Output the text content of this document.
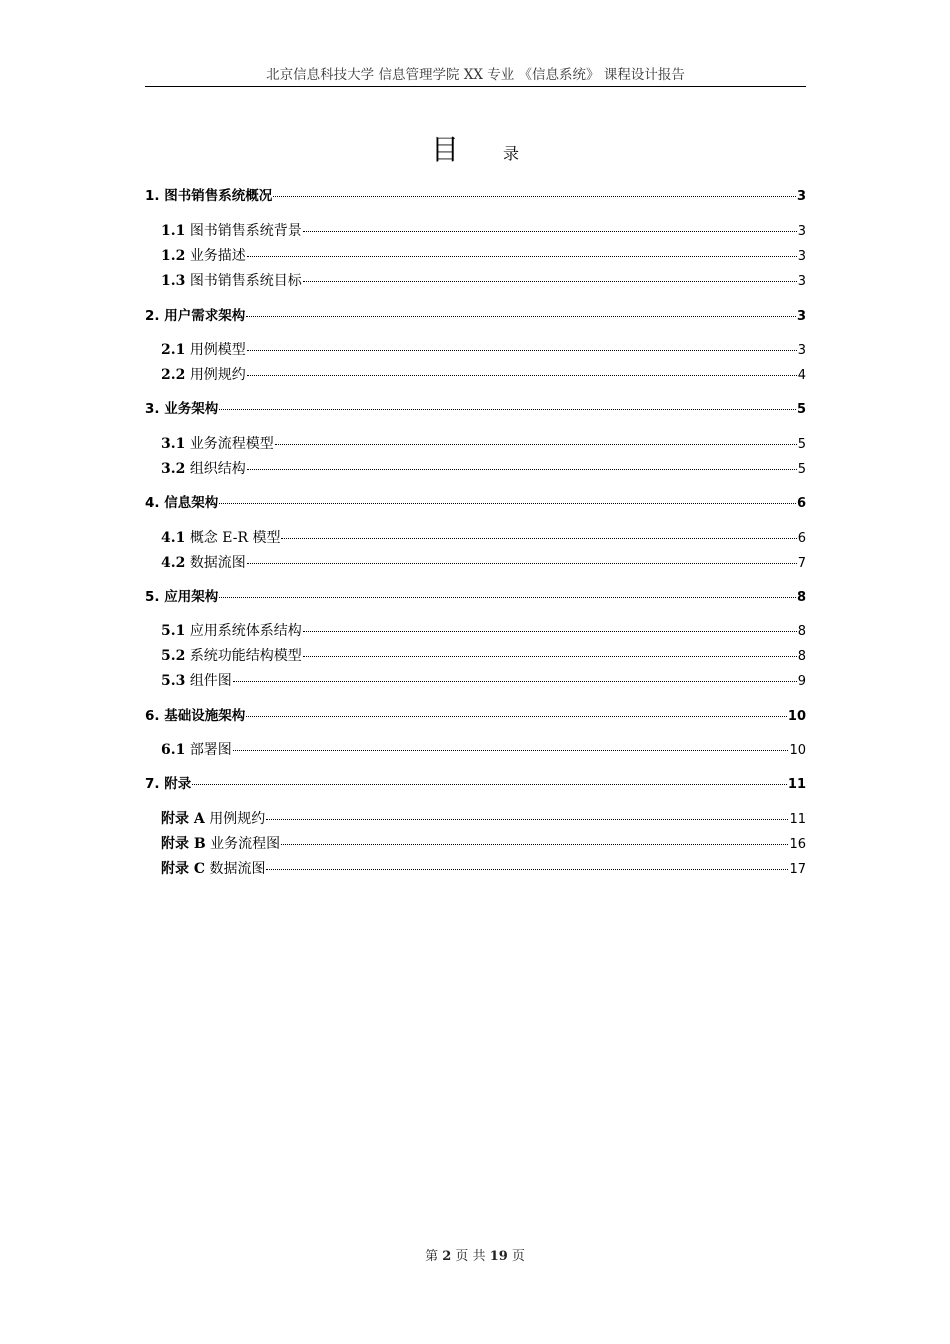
北京信息科技大学 信息管理学院 XX 专业 《信息系统》 课程设计报告
目	录
1. 图书销售系统概况	3
1.1 图书销售系统背景	3
1.2 业务描述	3
1.3 图书销售系统目标	3
2. 用户需求架构	3
2.1 用例模型	3
2.2 用例规约	4
3. 业务架构	5
3.1 业务流程模型	5
3.2 组织结构	5
4. 信息架构	6
4.1 概念 E-R 模型	6
4.2 数据流图	7
5. 应用架构	8
5.1 应用系统体系结构	8
5.2 系统功能结构模型	8
5.3 组件图	9
6. 基础设施架构	10
6.1 部署图	10
7. 附录	11
附录 A 用例规约	11
附录 B 业务流程图	16
附录 C 数据流图	17
第 2 页 共 19 页
